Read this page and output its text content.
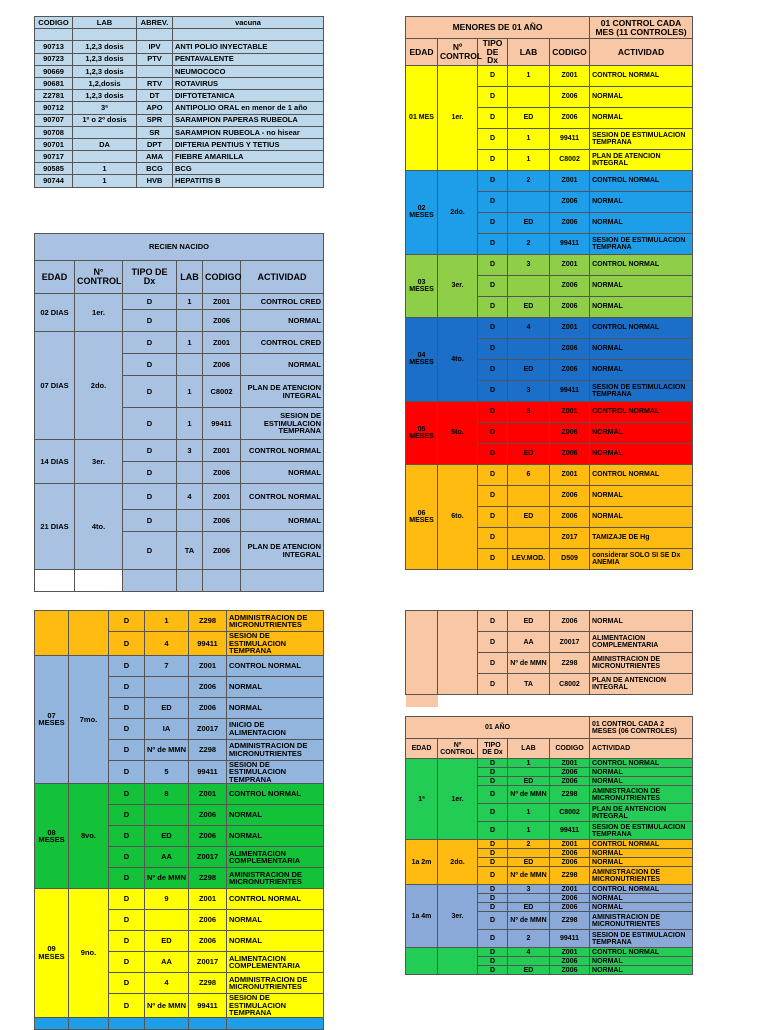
CODIGO	LAB	ABREV.	vacuna

90713	1,2,3 dosis	IPV	ANTI POLIO INYECTABLE
90723	1,2,3 dosis	PTV	PENTAVALENTE
90669	1,2,3 dosis		NEUMOCOCO
90681	1,2,dosis	RTV	ROTAVIRUS
Z2781	1,2,3 dosis	DT	DIFTOTETANICA
90712	3ª	APO	ANTIPOLIO ORAL en menor de 1 año
90707	1º o 2º dosis	SPR	SARAMPION PAPERAS RUBEOLA
90708		SR	SARAMPION RUBEOLA - no hisear
90701	DA	DPT	DIFTERIA PENTIUS Y TETIUS
90717		AMA	FIEBRE AMARILLA
90585	1	BCG	BCG
90744	1	HVB	HEPATITIS B
RECIEN NACIDO					
EDAD	N° CONTROL	TIPO DE Dx	LAB	CODIGO	ACTIVIDAD
02 DIAS	1er.	D	1	Z001	CONTROL CRED
		D		Z006	NORMAL
07 DIAS	2do.	D	1	Z001	CONTROL CRED
		D		Z006	NORMAL
		D	1	C8002	PLAN DE ATENCION INTEGRAL
		D	1	99411	SESION DE ESTIMULACION TEMPRANA
14 DIAS	3er.	D	3	Z001	CONTROL NORMAL
		D		Z006	NORMAL
21 DIAS	4to.	D	4	Z001	CONTROL NORMAL
		D		Z006	NORMAL
		D	TA	Z006	PLAN DE ATENCION INTEGRAL

MENORES DE 01 AÑO					01 CONTROL CADA MES (11 CONTROLES)
EDAD	Nº CONTROL	TIPO DE Dx	LAB	CODIGO	ACTIVIDAD
01 MES	1er.	D	1	Z001	CONTROL NORMAL
		D		Z006	NORMAL
		D	ED	Z006	NORMAL
		D	1	99411	SESION DE ESTIMULACION TEMPRANA
		D	1	C8002	PLAN DE ATENCION INTEGRAL
02 MESES	2do.	D	2	Z001	CONTROL NORMAL
		D		Z006	NORMAL
		D	ED	Z006	NORMAL
		D	2	99411	SESION DE ESTIMULACION TEMPRANA
03 MESES	3er.	D	3	Z001	CONTROL NORMAL
		D		Z006	NORMAL
		D	ED	Z006	NORMAL
04 MESES	4to.	D	4	Z001	CONTROL NORMAL
		D		Z006	NORMAL
		D	ED	Z006	NORMAL
		D	3	99411	SESION DE ESTIMULACION TEMPRANA
05 MESES	5to.	D	5	Z001	CONTROL NORMAL
		D		Z006	NORMAL
		D	ED	Z006	NORMAL
06 MESES	6to.	D	6	Z001	CONTROL NORMAL
		D		Z006	NORMAL
		D	ED	Z006	NORMAL
		D		Z017	TAMIZAJE DE Hg
		D	LEV.MOD.	D509	considerar SOLO SI SE Dx ANEMIA
		D	1	Z298	ADMINISTRACION DE MICRONUTRIENTES
		D	4	99411	SESION DE ESTIMULACION TEMPRANA
07 MESES	7mo.	D	7	Z001	CONTROL NORMAL
		D		Z006	NORMAL
		D	ED	Z006	NORMAL
		D	IA	Z0017	INICIO DE ALIMENTACION
		D	Nº de MMN	Z298	ADMINISTRACION DE MICRONUTRIENTES
		D	5	99411	SESION DE ESTIMULACION TEMPRANA
08 MESES	8vo.	D	8	Z001	CONTROL NORMAL
		D		Z006	NORMAL
		D	ED	Z006	NORMAL
		D	AA	Z0017	ALIMENTACION COMPLEMENTARIA
		D	Nº de MMN	Z298	AMINISTRACION DE MICRONUTRIENTES
09 MESES	9no.	D	9	Z001	CONTROL NORMAL
		D		Z006	NORMAL
		D	ED	Z006	NORMAL
		D	AA	Z0017	ALIMENTACION COMPLEMENTARIA
		D	4	Z298	ADMINISTRACION DE MICRONUTRIENTES
		D	Nº de MMN	99411	SESION DE ESTIMULACION TEMPRANA

		D	ED	Z006	NORMAL
		D	AA	Z0017	ALIMENTACION COMPLEMENTARIA
		D	Nº de MMN	Z298	AMINISTRACION DE MICRONUTRIENTES
		D	TA	C8002	PLAN DE ANTENCION INTEGRAL

01 AÑO					01 CONTROL CADA 2 MESES (06 CONTROLES)
EDAD	Nº CONTROL	TIPO DE Dx	LAB	CODIGO	ACTIVIDAD
1ª	1er.	D	1	Z001	CONTROL NORMAL
		D		Z006	NORMAL
		D	ED	Z006	NORMAL
		D	Nº de MMN	Z298	AMINISTRACION DE MICRONUTRIENTES
		D	1	C8002	PLAN DE ANTENCION INTEGRAL
		D	1	99411	SESION DE ESTIMULACION TEMPRANA
1a 2m	2do.	D	2	Z001	CONTROL NORMAL
		D		Z006	NORMAL
		D	ED	Z006	NORMAL
		D	Nº de MMN	Z298	AMINISTRACION DE MICRONUTRIENTES
1a 4m	3er.	D	3	Z001	CONTROL NORMAL
		D		Z006	NORMAL
		D	ED	Z006	NORMAL
		D	Nº de MMN	Z298	AMINISTRACION DE MICRONUTRIENTES
		D	2	99411	SESION DE ESTIMULACION TEMPRANA
		D	4	Z001	CONTROL NORMAL
		D		Z006	NORMAL
		D	ED	Z006	NORMAL
